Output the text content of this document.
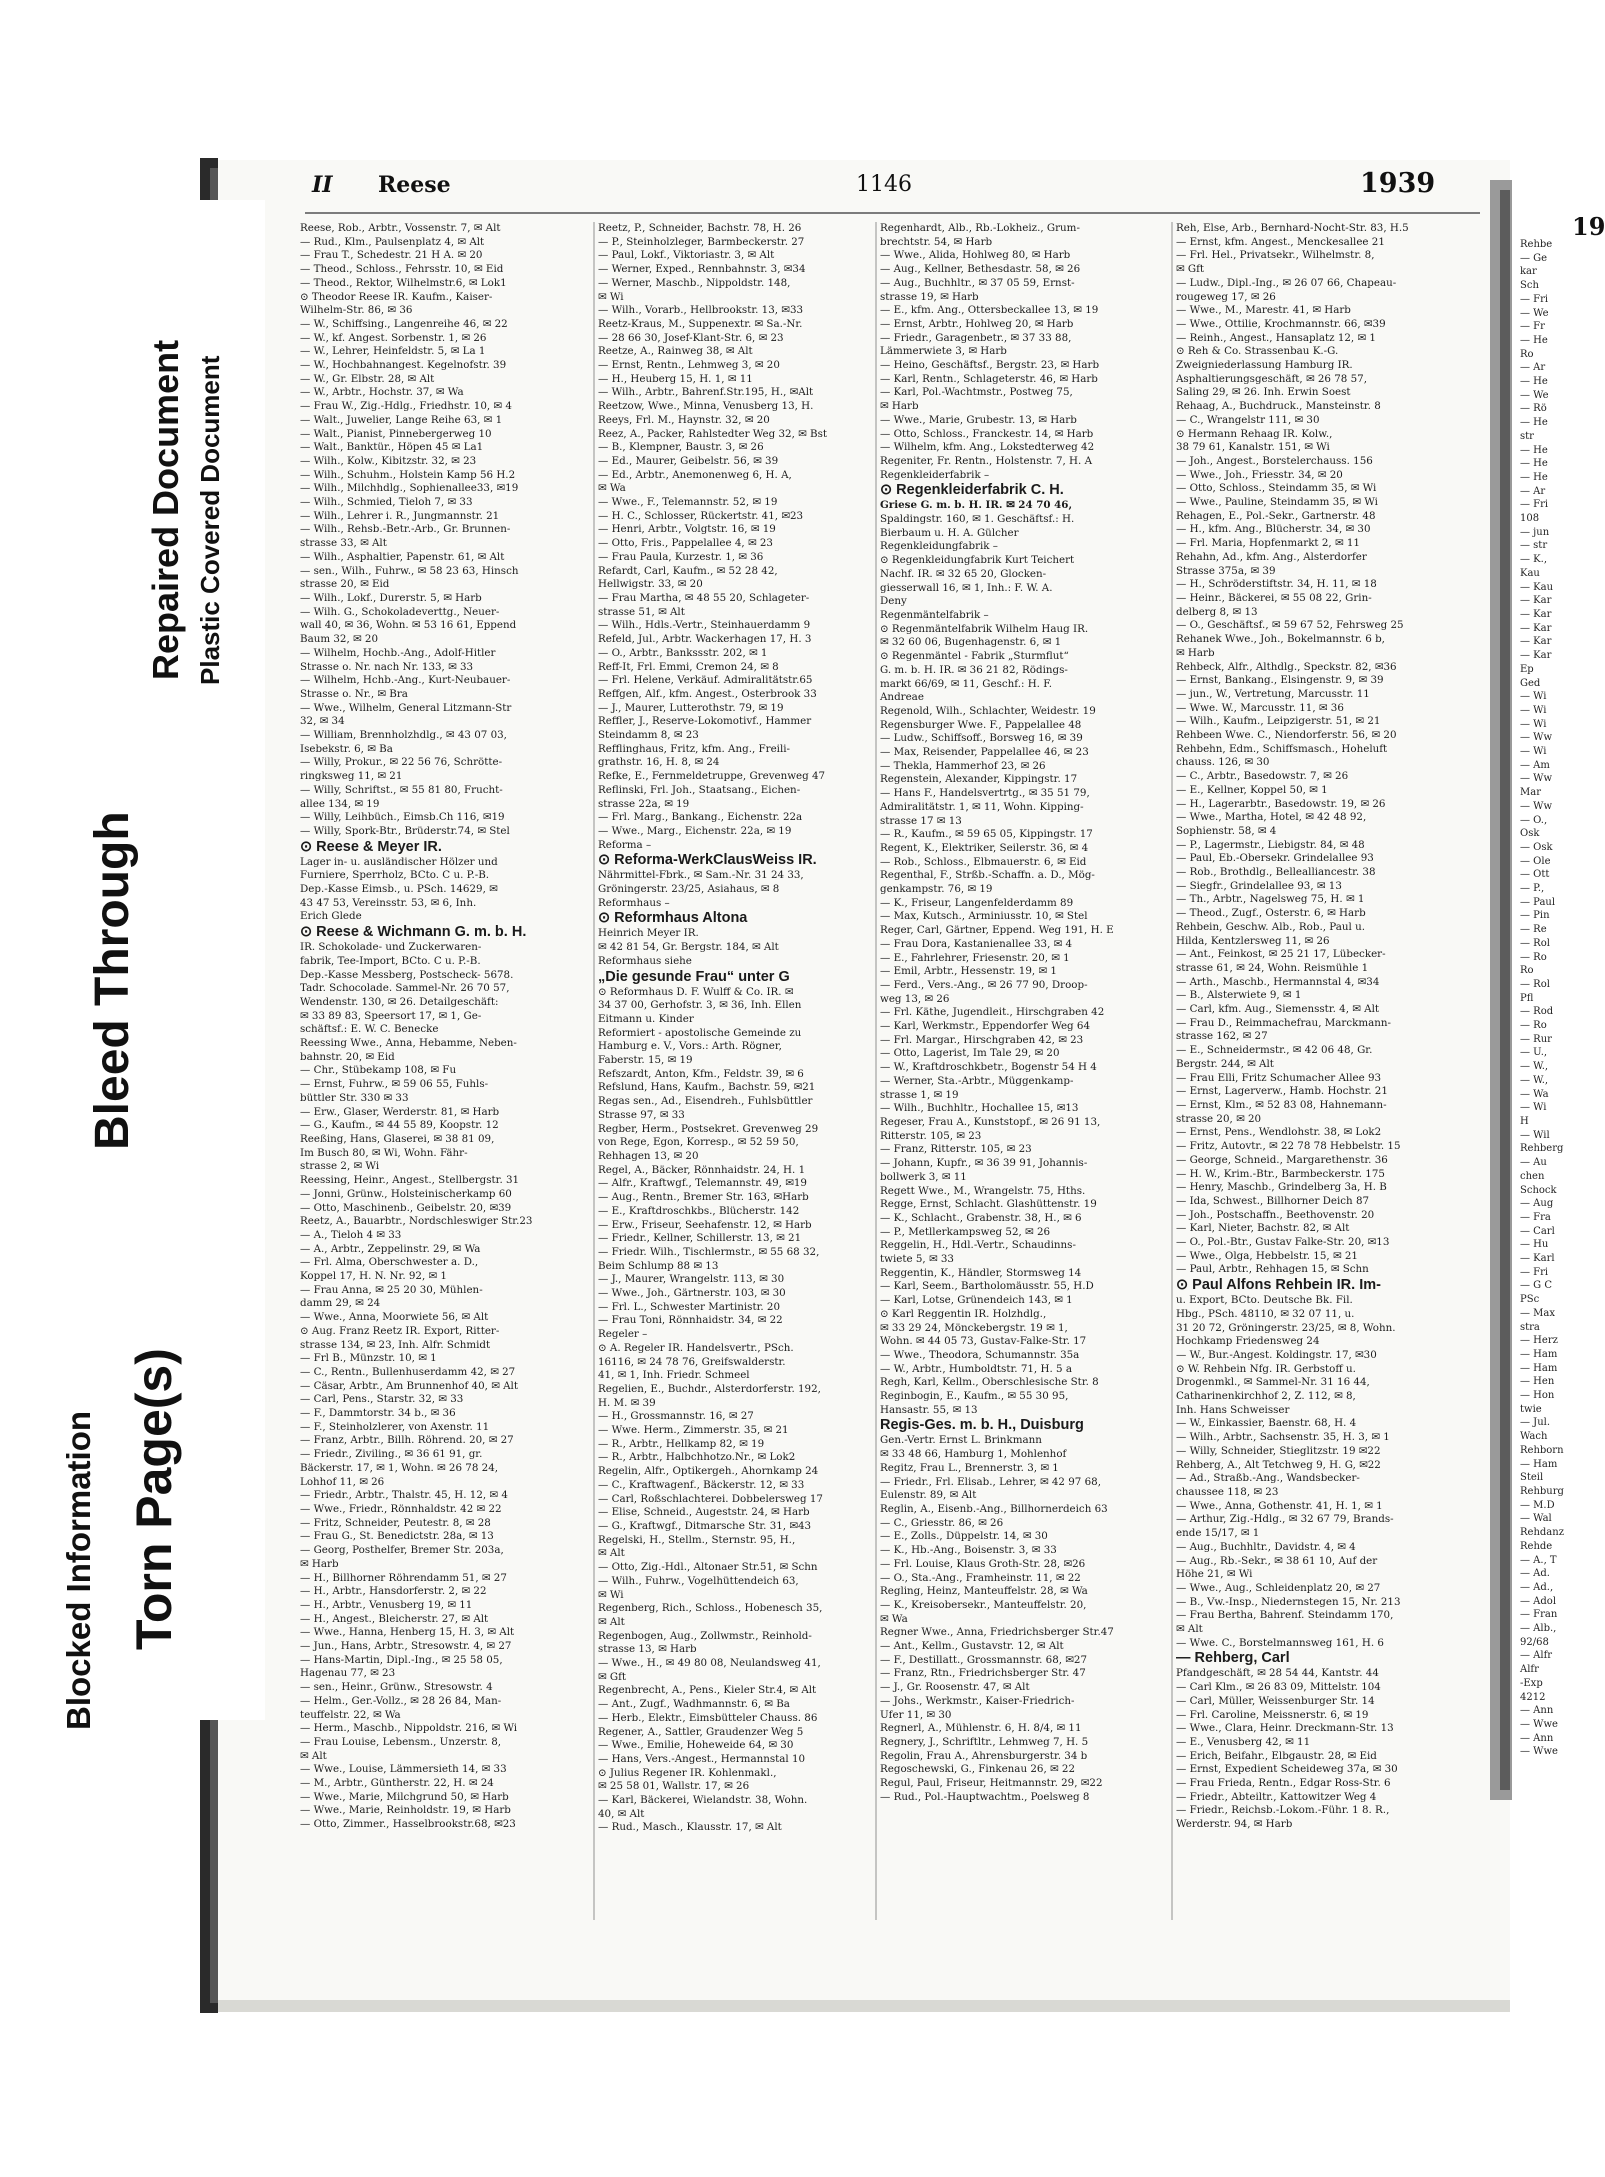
Blocked Information Torn Page(s)
Bleed Through
Repaired Document Plastic Covered Document
II Reese	1146	1939
Reese, Rob., Arbtr., Vossenstr. 7, ✉ Alt
— Rud., Klm., Paulsenplatz 4, ✉ Alt
— Frau T., Schedestr. 21 H A. ✉ 20
— Theod., Schloss., Fehrsstr. 10, ✉ Eid
— Theod., Rektor, Wilhelmstr.6, ✉ Lok1
⊙ Theodor Reese IR. Kaufm., Kaiser-
Wilhelm-Str. 86, ✉ 36
— W., Schiffsing., Langenreihe 46, ✉ 22
— W., kf. Angest. Sorbenstr. 1, ✉ 26
— W., Lehrer, Heinfeldstr. 5, ✉ La 1
— W., Hochbahnangest. Kegelnofstr. 39
— W., Gr. Elbstr. 28, ✉ Alt
— W., Arbtr., Hochstr. 37, ✉ Wa
— Frau W., Zig.-Hdlg., Friedhstr. 10, ✉ 4
— Walt., Juwelier, Lange Reihe 63, ✉ 1
— Walt., Pianist, Pinnebergerweg 10
— Walt., Banktür., Höpen 45 ✉ La1
— Wilh., Kolw., Kibitzstr. 32, ✉ 23
— Wilh., Schuhm., Holstein Kamp 56 H.2
— Wilh., Milchhdlg., Sophienallee33, ✉19
— Wilh., Schmied, Tieloh 7, ✉ 33
— Wilh., Lehrer i. R., Jungmannstr. 21
— Wilh., Rehsb.-Betr.-Arb., Gr. Brunnen-
strasse 33, ✉ Alt
— Wilh., Asphaltier, Papenstr. 61, ✉ Alt
— sen., Wilh., Fuhrw., ✉ 58 23 63, Hinsch
strasse 20, ✉ Eid
— Wilh., Lokf., Durerstr. 5, ✉ Harb
— Wilh. G., Schokoladeverttg., Neuer-
wall 40, ✉ 36, Wohn. ✉ 53 16 61, Eppend
Baum 32, ✉ 20
— Wilhelm, Hochb.-Ang., Adolf-Hitler
Strasse o. Nr. nach Nr. 133, ✉ 33
— Wilhelm, Hchb.-Ang., Kurt-Neubauer-
Strasse o. Nr., ✉ Bra
— Wwe., Wilhelm, General Litzmann-Str
32, ✉ 34
— William, Brennholzhdlg., ✉ 43 07 03,
Isebekstr. 6, ✉ Ba
— Willy, Prokur., ✉ 22 56 76, Schrötte-
ringksweg 11, ✉ 21
— Willy, Schriftst., ✉ 55 81 80, Frucht-
allee 134, ✉ 19
— Willy, Leihbüch., Eimsb.Ch 116, ✉19
— Willy, Spork-Btr., Brüderstr.74, ✉ Stel
⊙ Reese & Meyer IR.
Lager in- u. ausländischer Hölzer und
Furniere, Sperrholz, BCto. C u. P.-B.
Dep.-Kasse Eimsb., u. PSch. 14629, ✉
43 47 53, Vereinsstr. 53, ✉ 6, Inh.
Erich Glede
⊙ Reese & Wichmann G. m. b. H.
IR. Schokolade- und Zuckerwaren-
fabrik, Tee-Import, BCto. C u. P.-B.
Dep.-Kasse Messberg, Postscheck- 5678.
Tadr. Schocolade. Sammel-Nr. 26 70 57,
Wendenstr. 130, ✉ 26. Detailgeschäft:
✉ 33 89 83, Speersort 17, ✉ 1, Ge-
schäftsf.: E. W. C. Benecke
Reessing Wwe., Anna, Hebamme, Neben-
bahnstr. 20, ✉ Eid
— Chr., Stübekamp 108, ✉ Fu
— Ernst, Fuhrw., ✉ 59 06 55, Fuhls-
büttler Str. 330 ✉ 33
— Erw., Glaser, Werderstr. 81, ✉ Harb
— G., Kaufm., ✉ 44 55 89, Koopstr. 12
Reeßing, Hans, Glaserei, ✉ 38 81 09,
Im Busch 80, ✉ Wi, Wohn. Fähr-
strasse 2, ✉ Wi
Reessing, Heinr., Angest., Stellbergstr. 31
— Jonni, Grünw., Holsteinischerkamp 60
— Otto, Maschinenb., Geibelstr. 20, ✉39
Reetz, A., Bauarbtr., Nordschleswiger Str.23
— A., Tieloh 4 ✉ 33
— A., Arbtr., Zeppelinstr. 29, ✉ Wa
— Frl. Alma, Oberschwester a. D.,
Koppel 17, H. N. Nr. 92, ✉ 1
— Frau Anna, ✉ 25 20 30, Mühlen-
damm 29, ✉ 24
— Wwe., Anna, Moorwiete 56, ✉ Alt
⊙ Aug. Franz Reetz IR. Export, Ritter-
strasse 134, ✉ 23, Inh. Alfr. Schmidt
— Frl B., Münzstr. 10, ✉ 1
— C., Rentn., Bullenhuserdamm 42, ✉ 27
— Cäsar, Arbtr., Am Brunnenhof 40, ✉ Alt
— Carl, Pens., Starstr. 32, ✉ 33
— F., Dammtorstr. 34 b., ✉ 36
— F., Steinholzlerer, von Axenstr. 11
— Franz, Arbtr., Billh. Röhrend. 20, ✉ 27
— Friedr., Ziviling., ✉ 36 61 91, gr.
Bäckerstr. 17, ✉ 1, Wohn. ✉ 26 78 24,
Lohhof 11, ✉ 26
— Friedr., Arbtr., Thalstr. 45, H. 12, ✉ 4
— Wwe., Friedr., Rönnhaldstr. 42 ✉ 22
— Fritz, Schneider, Peutestr. 8, ✉ 28
— Frau G., St. Benedictstr. 28a, ✉ 13
— Georg, Posthelfer, Bremer Str. 203a,
✉ Harb
— H., Billhorner Röhrendamm 51, ✉ 27
— H., Arbtr., Hansdorferstr. 2, ✉ 22
— H., Arbtr., Venusberg 19, ✉ 11
— H., Angest., Bleicherstr. 27, ✉ Alt
— Wwe., Hanna, Henberg 15, H. 3, ✉ Alt
— Jun., Hans, Arbtr., Stresowstr. 4, ✉ 27
— Hans-Martin, Dipl.-Ing., ✉ 25 58 05,
Hagenau 77, ✉ 23
— sen., Heinr., Grünw., Stresowstr. 4
— Helm., Ger.-Vollz., ✉ 28 26 84, Man-
teuffelstr. 22, ✉ Wa
— Herm., Maschb., Nippoldstr. 216, ✉ Wi
— Frau Louise, Lebensm., Unzerstr. 8,
✉ Alt
— Wwe., Louise, Lämmersieth 14, ✉ 33
— M., Arbtr., Güntherstr. 22, H. ✉ 24
— Wwe., Marie, Milchgrund 50, ✉ Harb
— Wwe., Marie, Reinholdstr. 19, ✉ Harb
— Otto, Zimmer., Hasselbrookstr.68, ✉23
Reetz, P., Schneider, Bachstr. 78, H. 26
— P., Steinholzleger, Barmbeckerstr. 27
— Paul, Lokf., Viktoriastr. 3, ✉ Alt
— Werner, Exped., Rennbahnstr. 3, ✉34
— Werner, Maschb., Nippoldstr. 148,
✉ Wi
— Wilh., Vorarb., Hellbrookstr. 13, ✉33
Reetz-Kraus, M., Suppenextr. ✉ Sa.-Nr.
— 28 66 30, Josef-Klant-Str. 6, ✉ 23
Reetze, A., Rainweg 38, ✉ Alt
— Ernst, Rentn., Lehmweg 3, ✉ 20
— H., Heuberg 15, H. 1, ✉ 11
— Wilh., Arbtr., Bahrenf.Str.195, H., ✉Alt
Reetzow, Wwe., Minna, Venusberg 13, H.
Reeys, Frl. M., Haynstr. 32, ✉ 20
Reez, A., Packer, Rahlstedter Weg 32, ✉ Bst
— B., Klempner, Baustr. 3, ✉ 26
— Ed., Maurer, Geibelstr. 56, ✉ 39
— Ed., Arbtr., Anemonenweg 6, H. A,
✉ Wa
— Wwe., F., Telemannstr. 52, ✉ 19
— H. C., Schlosser, Rückertstr. 41, ✉23
— Henri, Arbtr., Volgtstr. 16, ✉ 19
— Otto, Fris., Pappelallee 4, ✉ 23
— Frau Paula, Kurzestr. 1, ✉ 36
Refardt, Carl, Kaufm., ✉ 52 28 42,
Hellwigstr. 33, ✉ 20
— Frau Martha, ✉ 48 55 20, Schlageter-
strasse 51, ✉ Alt
— Wilh., Hdls.-Vertr., Steinhauerdamm 9
Refeld, Jul., Arbtr. Wackerhagen 17, H. 3
— O., Arbtr., Bankssstr. 202, ✉ 1
Reff-It, Frl. Emmi, Cremon 24, ✉ 8
— Frl. Helene, Verkäuf. Admiralitätstr.65
Reffgen, Alf., kfm. Angest., Osterbrook 33
— J., Maurer, Lutterothstr. 79, ✉ 19
Reffler, J., Reserve-Lokomotivf., Hammer
Steindamm 8, ✉ 23
Refflinghaus, Fritz, kfm. Ang., Freili-
grathstr. 16, H. 8, ✉ 24
Refke, E., Fernmeldetruppe, Grevenweg 47
Reflinski, Frl. Joh., Staatsang., Eichen-
strasse 22a, ✉ 19
— Frl. Marg., Bankang., Eichenstr. 22a
— Wwe., Marg., Eichenstr. 22a, ✉ 19
Reforma –
⊙ Reforma-WerkClausWeiss IR.
Nährmittel-Fbrk., ✉ Sam.-Nr. 31 24 33,
Gröningerstr. 23/25, Asiahaus, ✉ 8
Reformhaus –
⊙ Reformhaus Altona
Heinrich Meyer IR.
✉ 42 81 54, Gr. Bergstr. 184, ✉ Alt
Reformhaus siehe
„Die gesunde Frau“ unter G
⊙ Reformhaus D. F. Wulff & Co. IR. ✉
34 37 00, Gerhofstr. 3, ✉ 36, Inh. Ellen
Eitmann u. Kinder
Reformiert - apostolische Gemeinde zu
Hamburg e. V., Vors.: Arth. Rögner,
Faberstr. 15, ✉ 19
Refszardt, Anton, Kfm., Feldstr. 39, ✉ 6
Refslund, Hans, Kaufm., Bachstr. 59, ✉21
Regas sen., Ad., Eisendreh., Fuhlsbüttler
Strasse 97, ✉ 33
Regber, Herm., Postsekret. Grevenweg 29
von Rege, Egon, Korresp., ✉ 52 59 50,
Rehhagen 13, ✉ 20
Regel, A., Bäcker, Rönnhaidstr. 24, H. 1
— Alfr., Kraftwgf., Telemannstr. 49, ✉19
— Aug., Rentn., Bremer Str. 163, ✉Harb
— E., Kraftdroschkbs., Blücherstr. 142
— Erw., Friseur, Seehafenstr. 12, ✉ Harb
— Friedr., Kellner, Schillerstr. 13, ✉ 21
— Friedr. Wilh., Tischlermstr., ✉ 55 68 32,
Beim Schlump 88 ✉ 13
— J., Maurer, Wrangelstr. 113, ✉ 30
— Wwe., Joh., Gärtnerstr. 103, ✉ 30
— Frl. L., Schwester Martinistr. 20
— Frau Toni, Rönnhaidstr. 34, ✉ 22
Regeler –
⊙ A. Regeler IR. Handelsvertr., PSch.
16116, ✉ 24 78 76, Greifswalderstr.
41, ✉ 1, Inh. Friedr. Schmeel
Regelien, E., Buchdr., Alsterdorferstr. 192,
H. M. ✉ 39
— H., Grossmannstr. 16, ✉ 27
— Wwe. Herm., Zimmerstr. 35, ✉ 21
— R., Arbtr., Hellkamp 82, ✉ 19
— R., Arbtr., Halbchhotzo.Nr., ✉ Lok2
Regelin, Alfr., Optikergeh., Ahornkamp 24
— C., Kraftwagenf., Bäckerstr. 12, ✉ 33
— Carl, Roßschlachterei. Dobbelersweg 17
— Elise, Schneid., Augeststr. 24, ✉ Harb
— G., Kraftwgf., Ditmarsche Str. 31, ✉43
Regelski, H., Stellm., Sternstr. 95, H.,
✉ Alt
— Otto, Zig.-Hdl., Altonaer Str.51, ✉ Schn
— Wilh., Fuhrw., Vogelhüttendeich 63,
✉ Wi
Regenberg, Rich., Schloss., Hobenesch 35,
✉ Alt
Regenbogen, Aug., Zollwmstr., Reinhold-
strasse 13, ✉ Harb
— Wwe., H., ✉ 49 80 08, Neulandsweg 41,
✉ Gft
Regenbrecht, A., Pens., Kieler Str.4, ✉ Alt
— Ant., Zugf., Wadhmannstr. 6, ✉ Ba
— Herb., Elektr., Eimsbütteler Chauss. 86
Regener, A., Sattler, Graudenzer Weg 5
— Wwe., Emilie, Hoheweide 64, ✉ 30
— Hans, Vers.-Angest., Hermannstal 10
⊙ Julius Regener IR. Kohlenmakl.,
✉ 25 58 01, Wallstr. 17, ✉ 26
— Karl, Bäckerei, Wielandstr. 38, Wohn.
40, ✉ Alt
— Rud., Masch., Klausstr. 17, ✉ Alt
Regenhardt, Alb., Rb.-Lokheiz., Grum-
brechtstr. 54, ✉ Harb
— Wwe., Alida, Hohlweg 80, ✉ Harb
— Aug., Kellner, Bethesdastr. 58, ✉ 26
— Aug., Buchhltr., ✉ 37 05 59, Ernst-
strasse 19, ✉ Harb
— E., kfm. Ang., Ottersbeckallee 13, ✉ 19
— Ernst, Arbtr., Hohlweg 20, ✉ Harb
— Friedr., Garagenbetr., ✉ 37 33 88,
Lämmerwiete 3, ✉ Harb
— Heino, Geschäftsf., Bergstr. 23, ✉ Harb
— Karl, Rentn., Schlageterstr. 46, ✉ Harb
— Karl, Pol.-Wachtmstr., Postweg 75,
✉ Harb
— Wwe., Marie, Grubestr. 13, ✉ Harb
— Otto, Schloss., Franckestr. 14, ✉ Harb
— Wilhelm, kfm. Ang., Lokstedterweg 42
Regeniter, Fr. Rentn., Holstenstr. 7, H. A
Regenkleiderfabrik –
⊙ Regenkleiderfabrik C. H.
Griese G. m. b. H. IR. ✉ 24 70 46,
Spaldingstr. 160, ✉ 1. Geschäftsf.: H.
Bierbaum u. H. A. Gülcher
Regenkleidungfabrik –
⊙ Regenkleidungfabrik Kurt Teichert
Nachf. IR. ✉ 32 65 20, Glocken-
giesserwall 16, ✉ 1, Inh.: F. W. A.
Deny
Regenmäntelfabrik –
⊙ Regenmäntelfabrik Wilhelm Haug IR.
✉ 32 60 06, Bugenhagenstr. 6, ✉ 1
⊙ Regenmäntel - Fabrik „Sturmflut“
G. m. b. H. IR. ✉ 36 21 82, Rödings-
markt 66/69, ✉ 11, Geschf.: H. F.
Andreae
Regenold, Wilh., Schlachter, Weidestr. 19
Regensburger Wwe. F., Pappelallee 48
— Ludw., Schiffsoff., Borsweg 16, ✉ 39
— Max, Reisender, Pappelallee 46, ✉ 23
— Thekla, Hammerhof 23, ✉ 26
Regenstein, Alexander, Kippingstr. 17
— Hans F., Handelsvertrtg., ✉ 35 51 79,
Admiralitätstr. 1, ✉ 11, Wohn. Kipping-
strasse 17 ✉ 13
— R., Kaufm., ✉ 59 65 05, Kippingstr. 17
Regent, K., Elektriker, Seilerstr. 36, ✉ 4
— Rob., Schloss., Elbmauerstr. 6, ✉ Eid
Regenthal, F., Strßb.-Schaffn. a. D., Mög-
genkampstr. 76, ✉ 19
— K., Friseur, Langenfelderdamm 89
— Max, Kutsch., Arminiusstr. 10, ✉ Stel
Reger, Carl, Gärtner, Eppend. Weg 191, H. E
— Frau Dora, Kastanienallee 33, ✉ 4
— E., Fahrlehrer, Friesenstr. 20, ✉ 1
— Emil, Arbtr., Hessenstr. 19, ✉ 1
— Ferd., Vers.-Ang., ✉ 26 77 90, Droop-
weg 13, ✉ 26
— Frl. Käthe, Jugendleit., Hirschgraben 42
— Karl, Werkmstr., Eppendorfer Weg 64
— Frl. Margar., Hirschgraben 42, ✉ 23
— Otto, Lagerist, Im Tale 29, ✉ 20
— W., Kraftdroschkbetr., Bogenstr 54 H 4
— Werner, Sta.-Arbtr., Müggenkamp-
strasse 1, ✉ 19
— Wilh., Buchhltr., Hochallee 15, ✉13
Regeser, Frau A., Kunststopf., ✉ 26 91 13,
Ritterstr. 105, ✉ 23
— Franz, Ritterstr. 105, ✉ 23
— Johann, Kupfr., ✉ 36 39 91, Johannis-
bollwerk 3, ✉ 11
Regett Wwe., M., Wrangelstr. 75, Hths.
Regge, Ernst, Schlacht. Glashüttenstr. 19
— K., Schlacht., Grabenstr. 38, H., ✉ 6
— P., Metllerkampsweg 52, ✉ 26
Reggelin, H., Hdl.-Vertr., Schaudinns-
twiete 5, ✉ 33
Reggentin, K., Händler, Stormsweg 14
— Karl, Seem., Bartholomäusstr. 55, H.D
— Karl, Lotse, Grünendeich 143, ✉ 1
⊙ Karl Reggentin IR. Holzhdlg.,
✉ 33 29 24, Mönckebergstr. 19 ✉ 1,
Wohn. ✉ 44 05 73, Gustav-Falke-Str. 17
— Wwe., Theodora, Schumannstr. 35a
— W., Arbtr., Humboldtstr. 71, H. 5 a
Regh, Karl, Kellm., Oberschlesische Str. 8
Reginbogin, E., Kaufm., ✉ 55 30 95,
Hansastr. 55, ✉ 13
Regis-Ges. m. b. H., Duisburg
Gen.-Vertr. Ernst L. Brinkmann
✉ 33 48 66, Hamburg 1, Mohlenhof
Regitz, Frau L., Brennerstr. 3, ✉ 1
— Friedr., Frl. Elisab., Lehrer, ✉ 42 97 68,
Eulenstr. 89, ✉ Alt
Reglin, A., Eisenb.-Ang., Billhornerdeich 63
— C., Griesstr. 86, ✉ 26
— E., Zolls., Düppelstr. 14, ✉ 30
— K., Hb.-Ang., Boisenstr. 3, ✉ 33
— Frl. Louise, Klaus Groth-Str. 28, ✉26
— O., Sta.-Ang., Framheinstr. 11, ✉ 22
Regling, Heinz, Manteuffelstr. 28, ✉ Wa
— K., Kreisobersekr., Manteuffelstr. 20,
✉ Wa
Regner Wwe., Anna, Friedrichsberger Str.47
— Ant., Kellm., Gustavstr. 12, ✉ Alt
— F., Destillatt., Grossmannstr. 68, ✉27
— Franz, Rtn., Friedrichsberger Str. 47
— J., Gr. Roosenstr. 47, ✉ Alt
— Johs., Werkmstr., Kaiser-Friedrich-
Ufer 11, ✉ 30
Regnerl, A., Mühlenstr. 6, H. 8/4, ✉ 11
Regnery, J., Schriftltr., Lehmweg 7, H. 5
Regolin, Frau A., Ahrensburgerstr. 34 b
Regoschewski, G., Finkenau 26, ✉ 22
Regul, Paul, Friseur, Heitmannstr. 29, ✉22
— Rud., Pol.-Hauptwachtm., Poelsweg 8
Reh, Else, Arb., Bernhard-Nocht-Str. 83, H.5
— Ernst, kfm. Angest., Menckesallee 21
— Frl. Hel., Privatsekr., Wilhelmstr. 8,
✉ Gft
— Ludw., Dipl.-Ing., ✉ 26 07 66, Chapeau-
rougeweg 17, ✉ 26
— Wwe., M., Marestr. 41, ✉ Harb
— Wwe., Ottilie, Krochmannstr. 66, ✉39
— Reinh., Angest., Hansaplatz 12, ✉ 1
⊙ Reh & Co. Strassenbau K.-G.
Zweigniederlassung Hamburg IR.
Asphaltierungsgeschäft, ✉ 26 78 57,
Saling 29, ✉ 26. Inh. Erwin Soest
Rehaag, A., Buchdruck., Mansteinstr. 8
— C., Wrangelstr 111, ✉ 30
⊙ Hermann Rehaag IR. Kolw.,
38 79 61, Kanalstr. 151, ✉ Wi
— Joh., Angest., Borstelerchauss. 156
— Wwe., Joh., Friesstr. 34, ✉ 20
— Otto, Schloss., Steindamm 35, ✉ Wi
— Wwe., Pauline, Steindamm 35, ✉ Wi
Rehagen, E., Pol.-Sekr., Gartnerstr. 48
— H., kfm. Ang., Blücherstr. 34, ✉ 30
— Frl. Maria, Hopfenmarkt 2, ✉ 11
Rehahn, Ad., kfm. Ang., Alsterdorfer
Strasse 375a, ✉ 39
— H., Schröderstiftstr. 34, H. 11, ✉ 18
— Heinr., Bäckerei, ✉ 55 08 22, Grin-
delberg 8, ✉ 13
— O., Geschäftsf., ✉ 59 67 52, Fehrsweg 25
Rehanek Wwe., Joh., Bokelmannstr. 6 b,
✉ Harb
Rehbeck, Alfr., Althdlg., Speckstr. 82, ✉36
— Ernst, Bankang., Elsingenstr. 9, ✉ 39
— jun., W., Vertretung, Marcusstr. 11
— Wwe. W., Marcusstr. 11, ✉ 36
— Wilh., Kaufm., Leipzigerstr. 51, ✉ 21
Rehbeen Wwe. C., Niendorferstr. 56, ✉ 20
Rehbehn, Edm., Schiffsmasch., Hoheluft
chauss. 126, ✉ 30
— C., Arbtr., Basedowstr. 7, ✉ 26
— E., Kellner, Koppel 50, ✉ 1
— H., Lagerarbtr., Basedowstr. 19, ✉ 26
— Wwe., Martha, Hotel, ✉ 42 48 92,
Sophienstr. 58, ✉ 4
— P., Lagermstr., Liebigstr. 84, ✉ 48
— Paul, Eb.-Obersekr. Grindelallee 93
— Rob., Brothdlg., Bellealliancestr. 38
— Siegfr., Grindelallee 93, ✉ 13
— Th., Arbtr., Nagelsweg 75, H. ✉ 1
— Theod., Zugf., Osterstr. 6, ✉ Harb
Rehbein, Geschw. Alb., Rob., Paul u.
Hilda, Kentzlersweg 11, ✉ 26
— Ant., Feinkost, ✉ 25 21 17, Lübecker-
strasse 61, ✉ 24, Wohn. Reismühle 1
— Arth., Maschb., Hermannstal 4, ✉34
— B., Alsterwiete 9, ✉ 1
— Carl, kfm. Aug., Siemensstr. 4, ✉ Alt
— Frau D., Reimmachefrau, Marckmann-
strasse 162, ✉ 27
— E., Schneidermstr., ✉ 42 06 48, Gr.
Bergstr. 244, ✉ Alt
— Frau Elli, Fritz Schumacher Allee 93
— Ernst, Lagerverw., Hamb. Hochstr. 21
— Ernst, Klm., ✉ 52 83 08, Hahnemann-
strasse 20, ✉ 20
— Ernst, Pens., Wendlohstr. 38, ✉ Lok2
— Fritz, Autovtr., ✉ 22 78 78 Hebbelstr. 15
— George, Schneid., Margarethenstr. 36
— H. W., Krim.-Btr., Barmbeckerstr. 175
— Henry, Maschb., Grindelberg 3a, H. B
— Ida, Schwest., Billhorner Deich 87
— Joh., Postschaffn., Beethovenstr. 20
— Karl, Nieter, Bachstr. 82, ✉ Alt
— O., Pol.-Btr., Gustav Falke-Str. 20, ✉13
— Wwe., Olga, Hebbelstr. 15, ✉ 21
— Paul, Arbtr., Rehhagen 15, ✉ Schn
⊙ Paul Alfons Rehbein IR. Im-
u. Export, BCto. Deutsche Bk. Fil.
Hbg., PSch. 48110, ✉ 32 07 11, u.
31 20 72, Gröningerstr. 23/25, ✉ 8, Wohn.
Hochkamp Friedensweg 24
— W., Bur.-Angest. Koldingstr. 17, ✉30
⊙ W. Rehbein Nfg. IR. Gerbstoff u.
Drogenmkl., ✉ Sammel-Nr. 31 16 44,
Catharinenkirchhof 2, Z. 112, ✉ 8,
Inh. Hans Schweisser
— W., Einkassier, Baenstr. 68, H. 4
— Wilh., Arbtr., Sachsenstr. 35, H. 3, ✉ 1
— Willy, Schneider, Stieglitzstr. 19 ✉22
Rehberg, A., Alt Tetchweg 9, H. G, ✉22
— Ad., Straßb.-Ang., Wandsbecker-
chaussee 118, ✉ 23
— Wwe., Anna, Gothenstr. 41, H. 1, ✉ 1
— Arthur, Zig.-Hdlg., ✉ 32 67 79, Brands-
ende 15/17, ✉ 1
— Aug., Buchhltr., Davidstr. 4, ✉ 4
— Aug., Rb.-Sekr., ✉ 38 61 10, Auf der
Höhe 21, ✉ Wi
— Wwe., Aug., Schleidenplatz 20, ✉ 27
— B., Vw.-Insp., Niedernstegen 15, Nr. 213
— Frau Bertha, Bahrenf. Steindamm 170,
✉ Alt
— Wwe. C., Borstelmannsweg 161, H. 6
— Rehberg, Carl
Pfandgeschäft, ✉ 28 54 44, Kantstr. 44
— Carl Klm., ✉ 26 83 09, Mittelstr. 104
— Carl, Müller, Weissenburger Str. 14
— Frl. Caroline, Meissnerstr. 6, ✉ 19
— Wwe., Clara, Heinr. Dreckmann-Str. 13
— E., Venusberg 42, ✉ 11
— Erich, Beifahr., Elbgaustr. 28, ✉ Eid
— Ernst, Expedient Scheideweg 37a, ✉ 30
— Frau Frieda, Rentn., Edgar Ross-Str. 6
— Friedr., Abteiltr., Kattowitzer Weg 4
— Friedr., Reichsb.-Lokom.-Führ. 1 8. R.,
Werderstr. 94, ✉ Harb
19
Rehbe
— Ge
kar
Sch
— Fri
— We
— Fr
— He
Ro
— Ar
— He
— We
— Rö
— He
str
— He
— He
— He
— Ar
— Fri
108
— jun
— str
— K.,
Kau
— Kau
— Kar
— Kar
— Kar
— Kar
— Kar
Ep
Ged
— Wi
— Wi
— Wi
— Ww
— Wi
— Am
— Ww
Mar
— Ww
— O.,
Osk
— Osk
— Ole
— Ott
— P.,
— Paul
— Pin
— Re
— Rol
— Ro
Ro
— Rol
Pfl
— Rod
— Ro
— Rur
— U.,
— W.,
— W.,
— Wa
— Wi
H
— Wil
Rehberg
— Au
chen
Schock
— Aug
— Fra
— Carl
— Hu
— Karl
— Fri
— G C
PSc
— Max
stra
— Herz
— Ham
— Ham
— Hen
— Hon
twie
— Jul.
Wach
Rehborn
— Ham
Steil
Rehburg
— M.D
— Wal
Rehdanz
Rehde
— A., T
— Ad.
— Ad.,
— Adol
— Fran
— Alb.,
92/68
— Alfr
Alfr
-Exp
4212
— Ann
— Wwe
— Ann
— Wwe
